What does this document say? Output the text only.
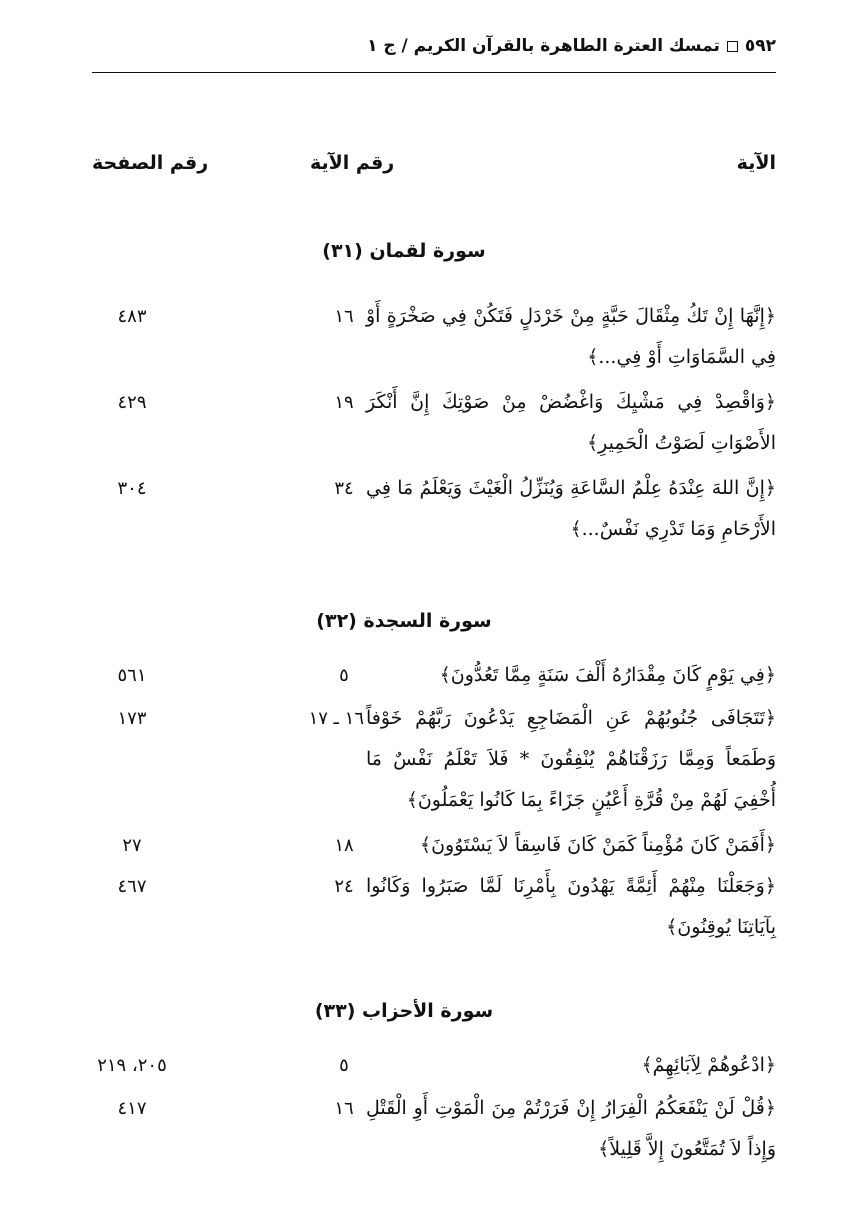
٥٩٢تمسك العترة الطاهرة بالقرآن الكريم / ج ١
الآية
رقم الآية
رقم الصفحة
سورة لقمان (٣١)
﴿إِنَّهَا إِنْ تَكُ مِثْقَالَ حَبَّةٍ مِنْ خَرْدَلٍ فَتَكُنْ فِي صَخْرَةٍ أَوْ فِي السَّمَاوَاتِ أَوْ فِي...﴾
١٦
٤٨٣
﴿وَاقْصِدْ فِي مَشْيِكَ وَاغْضُضْ مِنْ صَوْتِكَ إِنَّ أَنْكَرَ الأَصْوَاتِ لَصَوْتُ الْحَمِيرِ﴾
١٩
٤٢٩
﴿إِنَّ اللهَ عِنْدَهُ عِلْمُ السَّاعَةِ وَيُنَزِّلُ الْغَيْثَ وَيَعْلَمُ مَا فِي الأَرْحَامِ وَمَا تَدْرِي نَفْسٌ...﴾
٣٤
٣٠٤
سورة السجدة (٣٢)
﴿فِي يَوْمٍ كَانَ مِقْدَارُهُ أَلْفَ سَنَةٍ مِمَّا تَعُدُّونَ﴾
٥
٥٦١
﴿تَتَجَافَى جُنُوبُهُمْ عَنِ الْمَضَاجِعِ يَدْعُونَ رَبَّهُمْ خَوْفاً وَطَمَعاً وَمِمَّا رَزَقْنَاهُمْ يُنْفِقُونَ * فَلاَ تَعْلَمُ نَفْسٌ مَا أُخْفِيَ لَهُمْ مِنْ قُرَّةِ أَعْيُنٍ جَزَاءً بِمَا كَانُوا يَعْمَلُونَ﴾
١٦ ـ ١٧
١٧٣
﴿أَفَمَنْ كَانَ مُؤْمِناً كَمَنْ كَانَ فَاسِقاً لاَ يَسْتَوُونَ﴾
١٨
٢٧
﴿وَجَعَلْنَا مِنْهُمْ أَئِمَّةً يَهْدُونَ بِأَمْرِنَا لَمَّا صَبَرُوا وَكَانُوا بِآيَاتِنَا يُوقِنُونَ﴾
٢٤
٤٦٧
سورة الأحزاب (٣٣)
﴿ادْعُوهُمْ لِآبَائِهِمْ﴾
٥
٢٠٥، ٢١٩
﴿قُلْ لَنْ يَنْفَعَكُمُ الْفِرَارُ إِنْ فَرَرْتُمْ مِنَ الْمَوْتِ أَوِ الْقَتْلِ وَإِذاً لاَ تُمَتَّعُونَ إِلاَّ قَلِيلاً﴾
١٦
٤١٧
